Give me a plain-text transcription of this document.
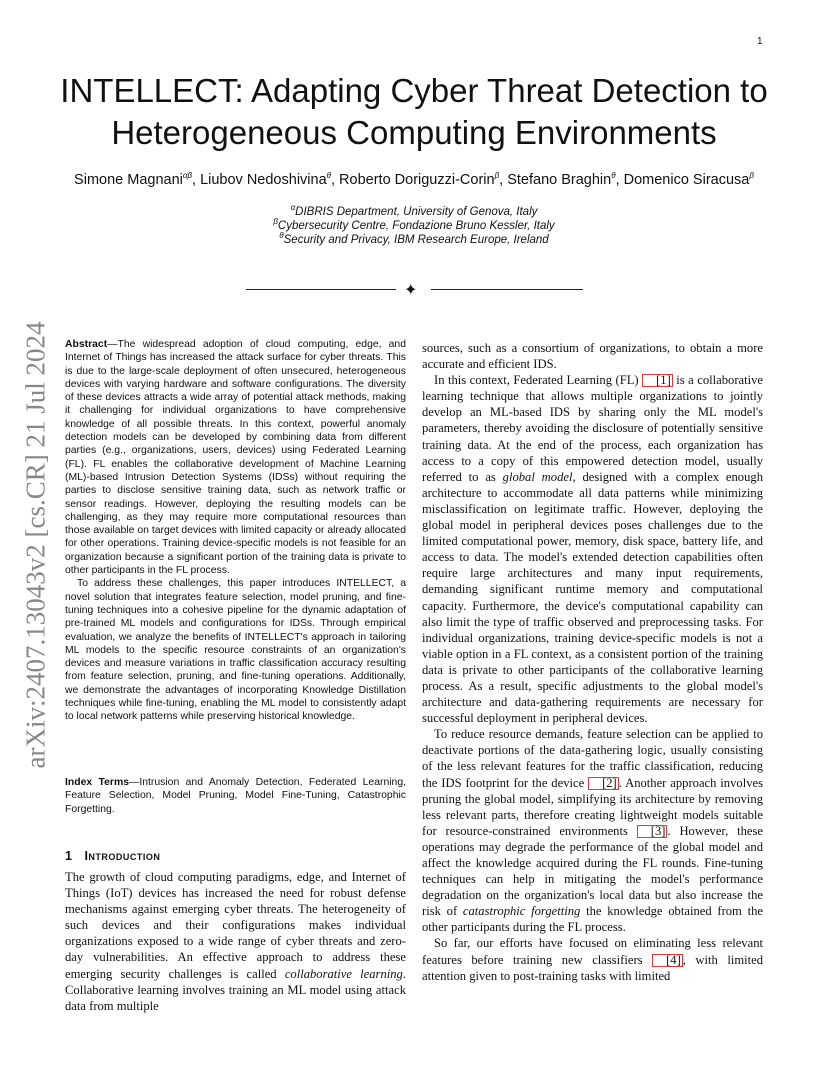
1
INTELLECT: Adapting Cyber Threat Detection to Heterogeneous Computing Environments
Simone Magnani$^{\alpha\beta}$, Liubov Nedoshivina$^\theta$, Roberto Doriguzzi-Corin$^\beta$, Stefano Braghin$^\theta$, Domenico Siracusa$^\beta$
$^\alpha$DIBRIS Department, University of Genova, Italy
$^\beta$Cybersecurity Centre, Fondazione Bruno Kessler, Italy
$^\theta$Security and Privacy, IBM Research Europe, Ireland
✦
arXiv:2407.13043v2 [cs.CR] 21 Jul 2024 Abstract—The widespread adoption of cloud computing, edge, and Internet of Things has increased the attack surface for cyber threats. This is due to the large-scale deployment of often unsecured, heterogeneous devices with varying hardware and software configurations. The diversity of these devices attracts a wide array of potential attack methods, making it challenging for individual organizations to have comprehensive knowledge of all possible threats. In this context, powerful anomaly detection models can be developed by combining data from different parties (e.g., organizations, users, devices) using Federated Learning (FL). FL enables the collaborative development of Machine Learning (ML)-based Intrusion Detection Systems (IDSs) without requiring the parties to disclose sensitive training data, such as network traffic or sensor readings. However, deploying the resulting models can be challenging, as they may require more computational resources than those available on target devices with limited capacity or already allocated for other operations. Training device-specific models is not feasible for an organization because a significant portion of the training data is private to other participants in the FL process.

To address these challenges, this paper introduces INTELLECT, a novel solution that integrates feature selection, model pruning, and fine-tuning techniques into a cohesive pipeline for the dynamic adaptation of pre-trained ML models and configurations for IDSs. Through empirical evaluation, we analyze the benefits of INTELLECT's approach in tailoring ML models to the specific resource constraints of an organization's devices and measure variations in traffic classification accuracy resulting from feature selection, pruning, and fine-tuning operations. Additionally, we demonstrate the advantages of incorporating Knowledge Distillation techniques while fine-tuning, enabling the ML model to consistently adapt to local network patterns while preserving historical knowledge.

Index Terms—Intrusion and Anomaly Detection, Federated Learning, Feature Selection, Model Pruning, Model Fine-Tuning, Catastrophic Forgetting.
1 Introduction
The growth of cloud computing paradigms, edge, and Internet of Things (IoT) devices has increased the need for robust defense mechanisms against emerging cyber threats. The heterogeneity of such devices and their configurations makes individual organizations exposed to a wide range of cyber threats and zero-day vulnerabilities. An effective approach to address these emerging security challenges is called collaborative learning. Collaborative learning involves training an ML model using attack data from multiple

sources, such as a consortium of organizations, to obtain a more accurate and efficient IDS.

In this context, Federated Learning (FL) [1] is a collaborative learning technique that allows multiple organizations to jointly develop an ML-based IDS by sharing only the ML model's parameters, thereby avoiding the disclosure of potentially sensitive training data. At the end of the process, each organization has access to a copy of this empowered detection model, usually referred to as global model, designed with a complex enough architecture to accommodate all data patterns while minimizing misclassification on legitimate traffic. However, deploying the global model in peripheral devices poses challenges due to the limited computational power, memory, disk space, battery life, and access to data. The model's extended detection capabilities often require large architectures and many input requirements, demanding significant runtime memory and computational capacity. Furthermore, the device's computational capability can also limit the type of traffic observed and preprocessing tasks. For individual organizations, training device-specific models is not a viable option in a FL context, as a consistent portion of the training data is private to other participants of the collaborative learning process. As a result, specific adjustments to the global model's architecture and data-gathering requirements are necessary for successful deployment in peripheral devices.

To reduce resource demands, feature selection can be applied to deactivate portions of the data-gathering logic, usually consisting of the less relevant features for the traffic classification, reducing the IDS footprint for the device [2] . Another approach involves pruning the global model, simplifying its architecture by removing less relevant parts, therefore creating lightweight models suitable for resource-constrained environments [3] . However, these operations may degrade the performance of the global model and affect the knowledge acquired during the FL rounds. Fine-tuning techniques can help in mitigating the model's performance degradation on the organization's local data but also increase the risk of catastrophic forgetting the knowledge obtained from the other participants during the FL process.

So far, our efforts have focused on eliminating less relevant features before training new classifiers [4] , with limited attention given to post-training tasks with limited
